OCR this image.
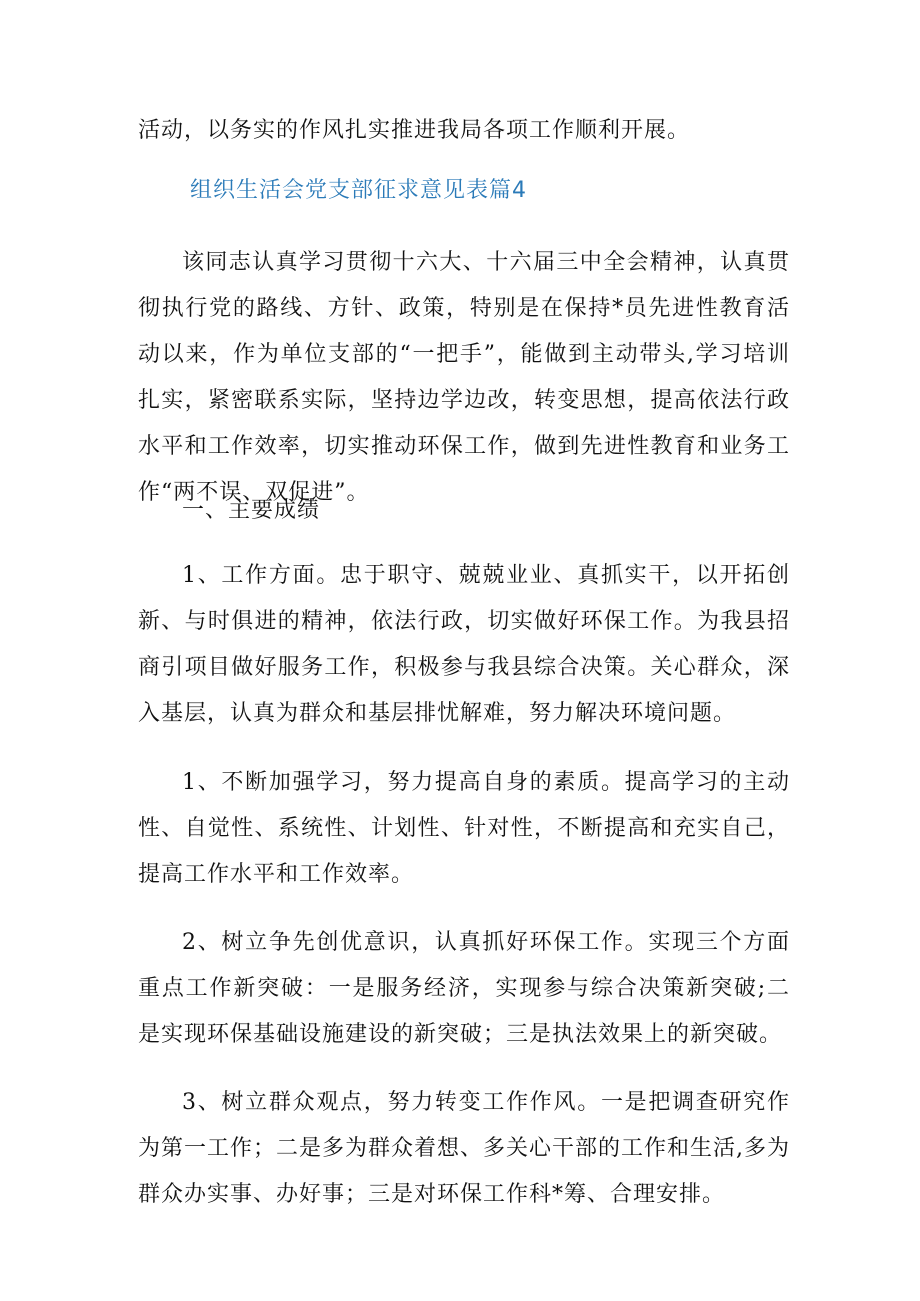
活动，以务实的作风扎实推进我局各项工作顺利开展。

组织生活会党支部征求意见表篇4

该同志认真学习贯彻十六大、十六届三中全会精神，认真贯彻执行党的路线、方针、政策，特别是在保持*员先进性教育活动以来，作为单位支部的“一把手”，能做到主动带头,学习培训扎实，紧密联系实际，坚持边学边改，转变思想，提高依法行政水平和工作效率，切实推动环保工作，做到先进性教育和业务工作“两不误、双促进”。

一、主要成绩

1、工作方面。忠于职守、兢兢业业、真抓实干，以开拓创新、与时俱进的精神，依法行政，切实做好环保工作。为我县招商引项目做好服务工作，积极参与我县综合决策。关心群众，深入基层，认真为群众和基层排忧解难，努力解决环境问题。

1、不断加强学习，努力提高自身的素质。提高学习的主动性、自觉性、系统性、计划性、针对性，不断提高和充实自己，提高工作水平和工作效率。

2、树立争先创优意识，认真抓好环保工作。实现三个方面重点工作新突破：一是服务经济，实现参与综合决策新突破;二是实现环保基础设施建设的新突破；三是执法效果上的新突破。

3、树立群众观点，努力转变工作作风。一是把调查研究作为第一工作；二是多为群众着想、多关心干部的工作和生活,多为群众办实事、办好事；三是对环保工作科*筹、合理安排。
